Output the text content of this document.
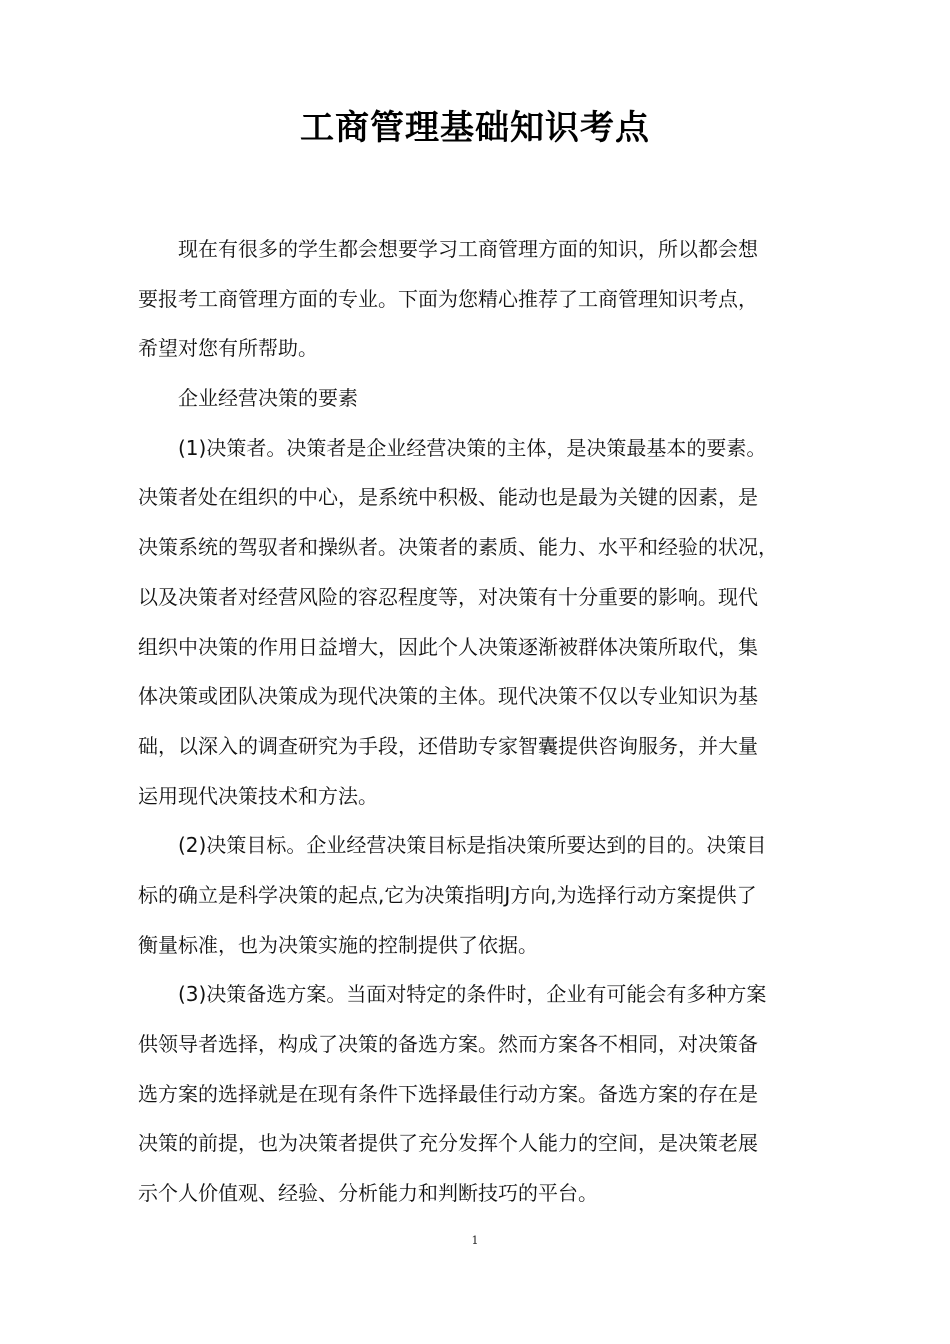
工商管理基础知识考点
现在有很多的学生都会想要学习工商管理方面的知识，所以都会想
要报考工商管理方面的专业。下面为您精心推荐了工商管理知识考点，
希望对您有所帮助。
企业经营决策的要素
(1)决策者。决策者是企业经营决策的主体，是决策最基本的要素。
决策者处在组织的中心，是系统中积极、能动也是最为关键的因素，是
决策系统的驾驭者和操纵者。决策者的素质、能力、水平和经验的状况，
以及决策者对经营风险的容忍程度等，对决策有十分重要的影响。现代
组织中决策的作用日益增大，因此个人决策逐渐被群体决策所取代，集
体决策或团队决策成为现代决策的主体。现代决策不仅以专业知识为基
础，以深入的调查研究为手段，还借助专家智囊提供咨询服务，并大量
运用现代决策技术和方法。
(2)决策目标。企业经营决策目标是指决策所要达到的目的。决策目
标的确立是科学决策的起点,它为决策指明J方向,为选择行动方案提供了
衡量标准，也为决策实施的控制提供了依据。
(3)决策备选方案。当面对特定的条件时，企业有可能会有多种方案
供领导者选择，构成了决策的备选方案。然而方案各不相同，对决策备
选方案的选择就是在现有条件下选择最佳行动方案。备选方案的存在是
决策的前提，也为决策者提供了充分发挥个人能力的空间，是决策老展
示个人价值观、经验、分析能力和判断技巧的平台。
1
